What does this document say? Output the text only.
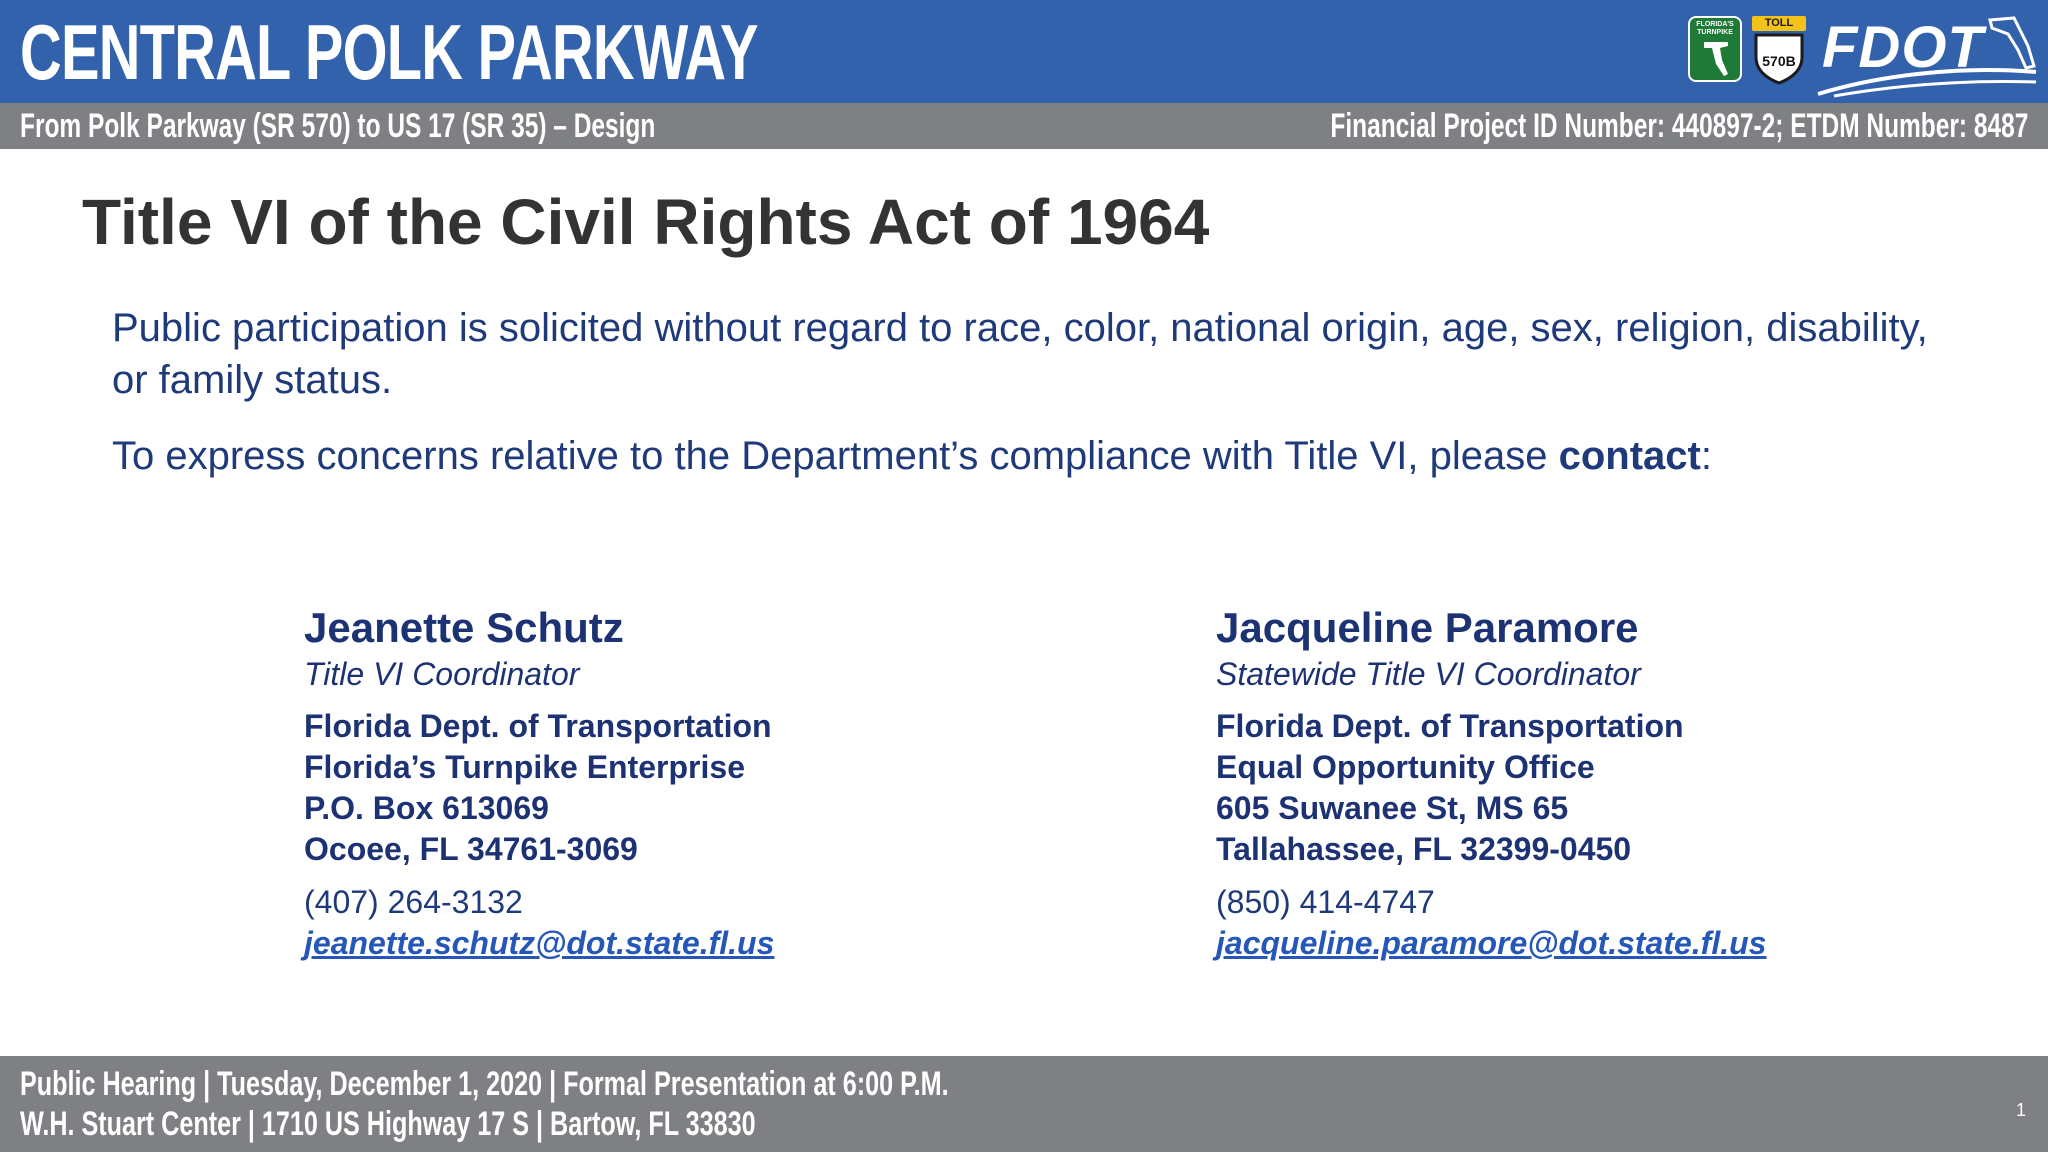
CENTRAL POLK PARKWAY	FLORIDA'S TURNPIKE
TOLL
570B FDOT
From Polk Parkway (SR 570) to US 17 (SR 35) – Design	Financial Project ID Number: 440897-2; ETDM Number: 8487
Title VI of the Civil Rights Act of 1964
Public participation is solicited without regard to race, color, national origin, age, sex, religion, disability, or family status.
To express concerns relative to the Department’s compliance with Title VI, please contact:
Jeanette Schutz
Title VI Coordinator
Florida Dept. of Transportation
Florida’s Turnpike Enterprise
P.O. Box 613069
Ocoee, FL 34761-3069
(407) 264-3132
jeanette.schutz@dot.state.fl.us
Jacqueline Paramore
Statewide Title VI Coordinator
Florida Dept. of Transportation
Equal Opportunity Office
605 Suwanee St, MS 65
Tallahassee, FL 32399-0450
(850) 414-4747
jacqueline.paramore@dot.state.fl.us
Public Hearing | Tuesday, December 1, 2020 | Formal Presentation at 6:00 P.M.
W.H. Stuart Center | 1710 US Highway 17 S | Bartow, FL 33830	1
